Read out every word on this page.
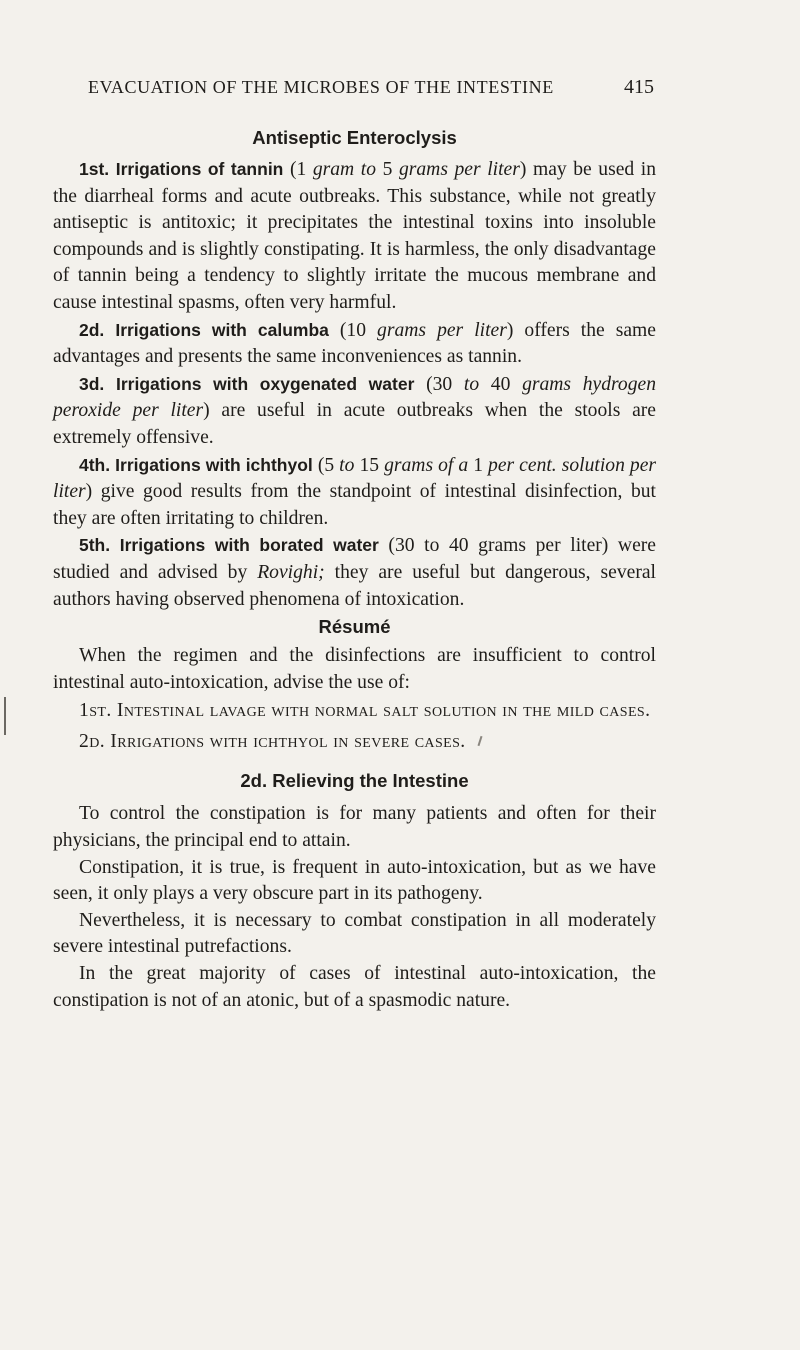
EVACUATION OF THE MICROBES OF THE INTESTINE	415
Antiseptic Enteroclysis

1st. Irrigations of tannin (1 gram to 5 grams per liter) may be used in the diarrheal forms and acute outbreaks. This substance, while not greatly antiseptic is antitoxic; it precipitates the intestinal toxins into insoluble compounds and is slightly constipating. It is harmless, the only disadvantage of tannin being a tendency to slightly irritate the mucous membrane and cause intestinal spasms, often very harmful.

2d. Irrigations with calumba (10 grams per liter) offers the same advantages and presents the same inconveniences as tannin.

3d. Irrigations with oxygenated water (30 to 40 grams hydrogen peroxide per liter) are useful in acute outbreaks when the stools are extremely offensive.

4th. Irrigations with ichthyol (5 to 15 grams of a 1 per cent. solution per liter) give good results from the standpoint of intestinal disinfection, but they are often irritating to children.

5th. Irrigations with borated water (30 to 40 grams per liter) were studied and advised by Rovighi; they are useful but dangerous, several authors having observed phenomena of intoxication.

Résumé

When the regimen and the disinfections are insufficient to control intestinal auto-intoxication, advise the use of:

1st. Intestinal lavage with normal salt solution in the mild cases.

2d. Irrigations with ichthyol in severe cases.

2d. Relieving the Intestine

To control the constipation is for many patients and often for their physicians, the principal end to attain.

Constipation, it is true, is frequent in auto-intoxication, but as we have seen, it only plays a very obscure part in its pathogeny.

Nevertheless, it is necessary to combat constipation in all moderately severe intestinal putrefactions.

In the great majority of cases of intestinal auto-intoxication, the constipation is not of an atonic, but of a spasmodic nature.
